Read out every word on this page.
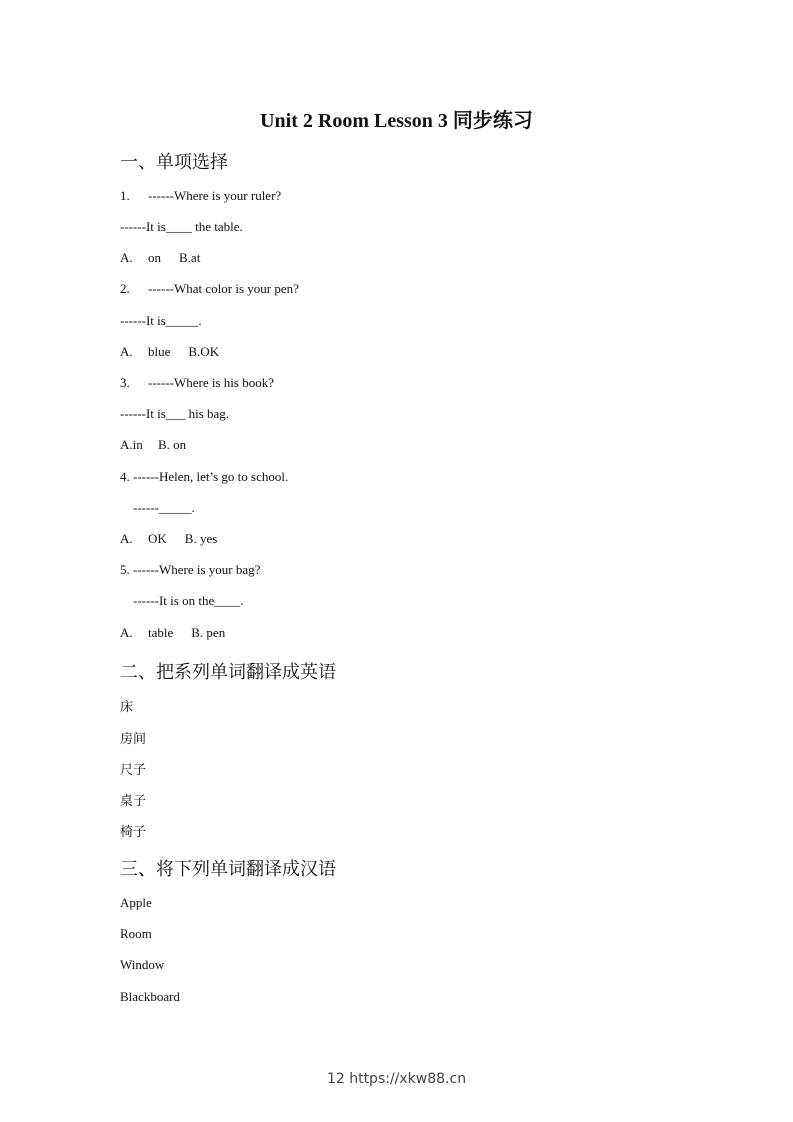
Unit 2 Room Lesson 3 同步练习
一、单项选择
1. ------Where is your ruler?
------It is____ the table.
A. on B.at
2. ------What color is your pen?
------It is_____.
A. blue B.OK
3. ------Where is his book?
------It is___ his bag.
A.in B. on
4. ------Helen, let’s go to school.
------_____.
A. OK B. yes
5. ------Where is your bag?
------It is on the____.
A. table B. pen
二、把系列单词翻译成英语
床
房间
尺子
桌子
椅子
三、将下列单词翻译成汉语
Apple
Room
Window
Blackboard
12 https://xkw88.cn
